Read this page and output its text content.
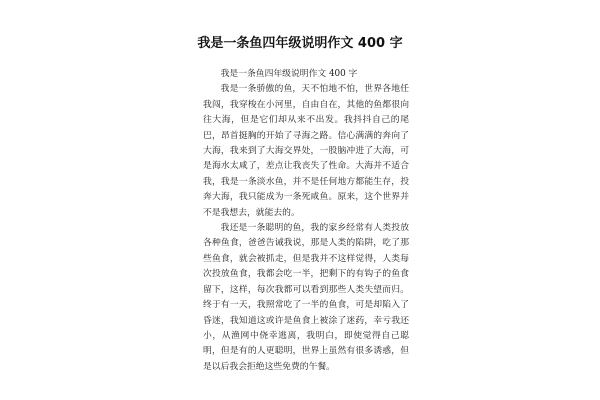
我是一条鱼四年级说明作文 400 字

我是一条鱼四年级说明作文 400 字

我是一条骄傲的鱼，天不怕地不怕，世界各地任我闯，我穿梭在小河里，自由自在，其他的鱼都很向往大海，但是它们却从来不出发。我抖抖自己的尾巴，昂首挺胸的开始了寻海之路。信心满满的奔向了大海，我来到了大海交界处，一股脑冲进了大海，可是海水太咸了，差点让我丧失了性命。大海并不适合我，我是一条淡水鱼，并不是任何地方都能生存，投奔大海，我只能成为一条死咸鱼。原来，这个世界并不是我想去，就能去的。

我还是一条聪明的鱼，我的家乡经常有人类投放各种鱼食，爸爸告诫我说，那是人类的陷阱，吃了那些鱼食，就会被抓走，但是我并不这样觉得，人类每次投放鱼食，我都会吃一半，把剩下的有钩子的鱼食留下，这样，每次我都可以看到那些人类失望而归。终于有一天，我照常吃了一半的鱼食，可是却陷入了昏迷，我知道这或许是鱼食上被涂了迷药，幸亏我还小，从渔网中侥幸逃离，我明白，即使觉得自己聪明，但是有的人更聪明，世界上虽然有很多诱惑，但是以后我会拒绝这些免费的午餐。
